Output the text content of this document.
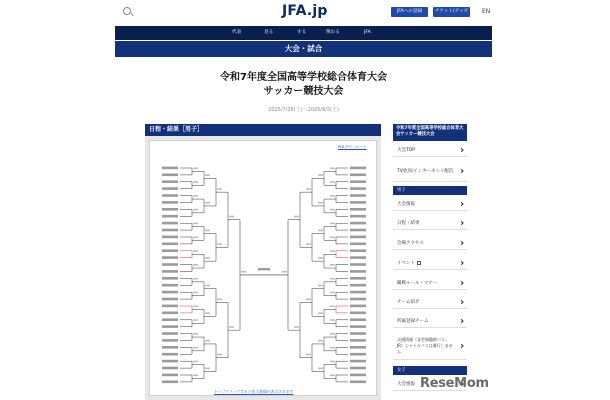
JFA.jp	JFAへの登録	チケット/グッズ	EN
代表	見る	する	関わる	JFA
大会・試合
令和7年度全国高等学校総合体育大会
サッカー競技大会
2025/7/26(土)〜2025/8/2(土)
日程・結果［男子］
PDFダウンロード
トップクリックすると拡大画像が表示されます
令和7年度全国高等学校総合体育大会サッカー競技大会
大会TOP
TV放送/インターネット配信
男子
大会情報
日程・結果
会場アクセス
イベント
観戦ルール・マナー
チーム紹介
所属登録チーム
交通情報（各会場臨時バス、JR）シャトルバスは運行しません
女子
大会情報 ReseMom
